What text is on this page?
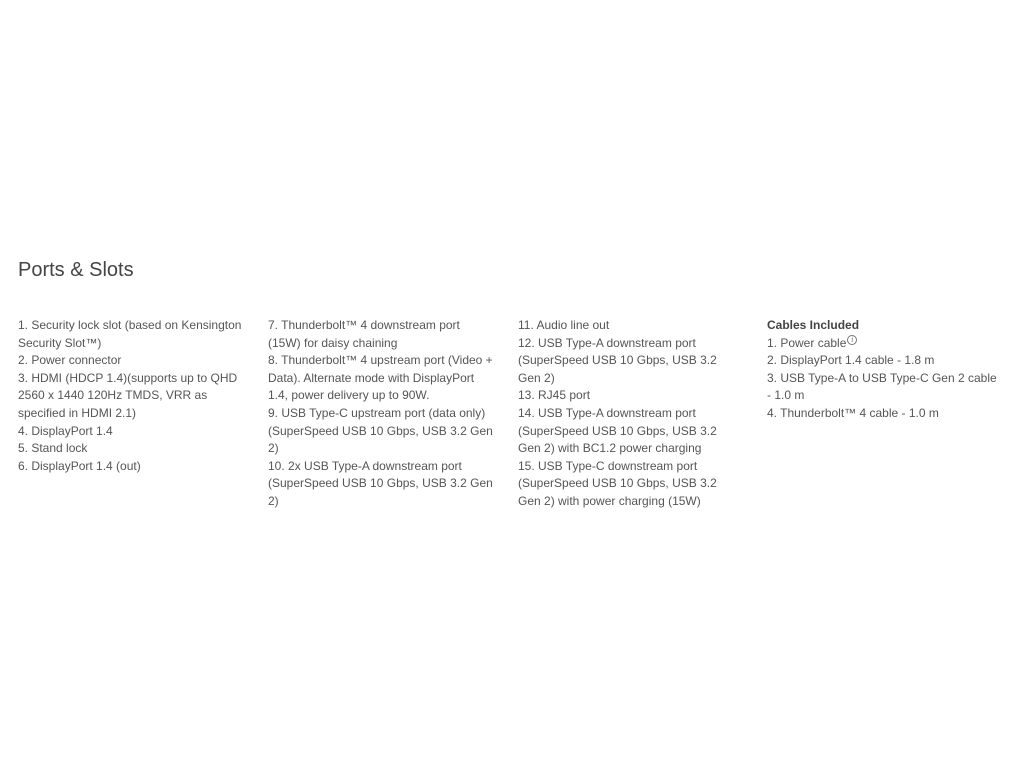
Ports & Slots
1. Security lock slot (based on Kensington Security Slot™)
2. Power connector
3. HDMI (HDCP 1.4)(supports up to QHD 2560 x 1440 120Hz TMDS, VRR as specified in HDMI 2.1)
4. DisplayPort 1.4
5. Stand lock
6. DisplayPort 1.4 (out)
7. Thunderbolt™ 4 downstream port (15W) for daisy chaining
8. Thunderbolt™ 4 upstream port (Video + Data). Alternate mode with DisplayPort 1.4, power delivery up to 90W.
9. USB Type-C upstream port (data only) (SuperSpeed USB 10 Gbps, USB 3.2 Gen 2)
10. 2x USB Type-A downstream port (SuperSpeed USB 10 Gbps, USB 3.2 Gen 2)
11. Audio line out
12. USB Type-A downstream port (SuperSpeed USB 10 Gbps, USB 3.2 Gen 2)
13. RJ45 port
14. USB Type-A downstream port (SuperSpeed USB 10 Gbps, USB 3.2 Gen 2) with BC1.2 power charging
15. USB Type-C downstream port (SuperSpeed USB 10 Gbps, USB 3.2 Gen 2) with power charging (15W)
Cables Included
1. Power cable i
2. DisplayPort 1.4 cable - 1.8 m
3. USB Type-A to USB Type-C Gen 2 cable - 1.0 m
4. Thunderbolt™ 4 cable - 1.0 m
